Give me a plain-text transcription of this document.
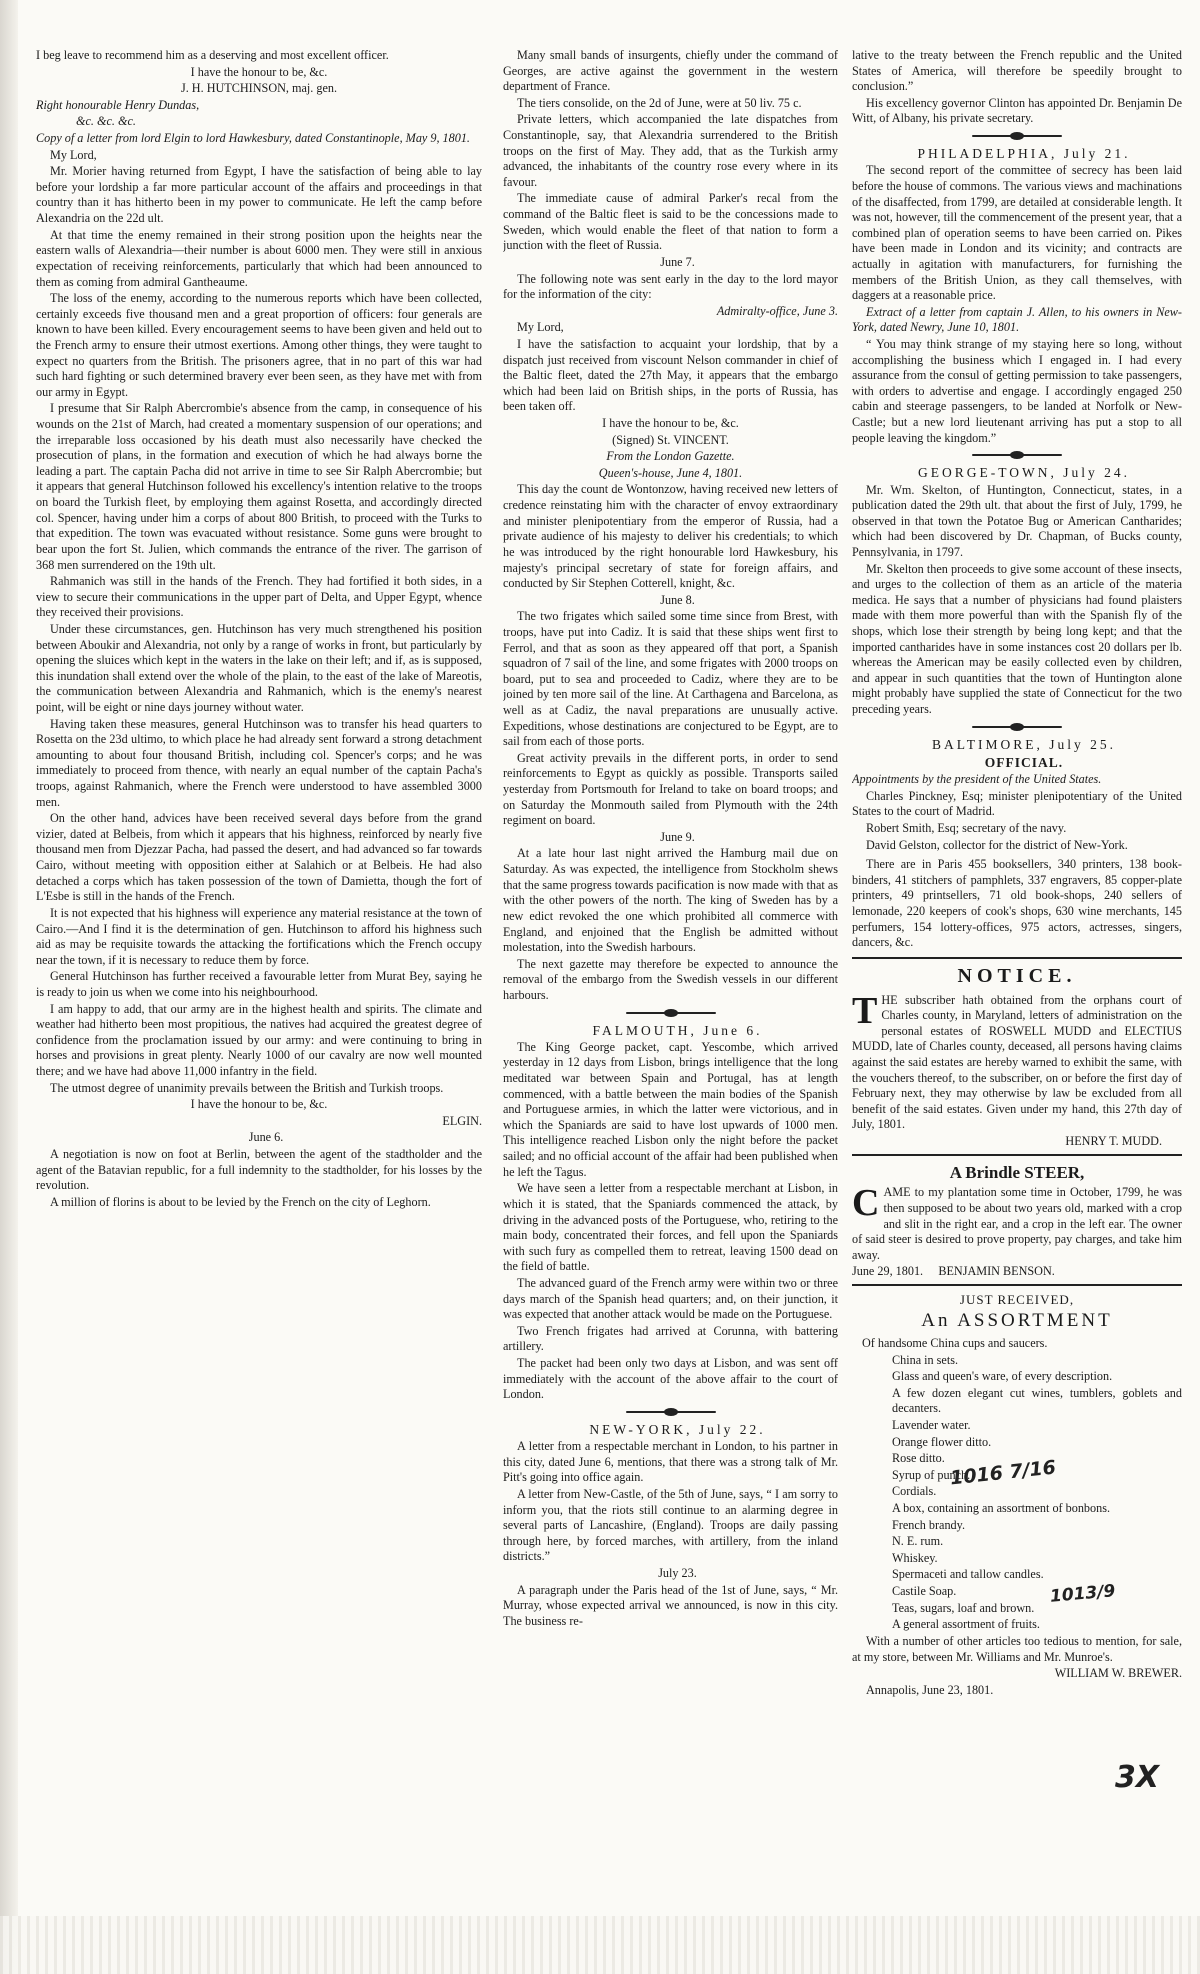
I beg leave to recommend him as a deserving and most excellent officer.

I have the honour to be, &c.

J. H. HUTCHINSON, maj. gen.

Right honourable Henry Dundas,

&c. &c. &c.

Copy of a letter from lord Elgin to lord Hawkesbury, dated Constantinople, May 9, 1801.

My Lord,

Mr. Morier having returned from Egypt, I have the satisfaction of being able to lay before your lordship a far more particular account of the affairs and proceedings in that country than it has hitherto been in my power to communicate. He left the camp before Alexandria on the 22d ult.

At that time the enemy remained in their strong position upon the heights near the eastern walls of Alexandria—their number is about 6000 men. They were still in anxious expectation of receiving reinforcements, particularly that which had been announced to them as coming from admiral Gantheaume.

The loss of the enemy, according to the numerous reports which have been collected, certainly exceeds five thousand men and a great proportion of officers: four generals are known to have been killed. Every encouragement seems to have been given and held out to the French army to ensure their utmost exertions. Among other things, they were taught to expect no quarters from the British. The prisoners agree, that in no part of this war had such hard fighting or such determined bravery ever been seen, as they have met with from our army in Egypt.

I presume that Sir Ralph Abercrombie's absence from the camp, in consequence of his wounds on the 21st of March, had created a momentary suspension of our operations; and the irreparable loss occasioned by his death must also necessarily have checked the prosecution of plans, in the formation and execution of which he had always borne the leading a part. The captain Pacha did not arrive in time to see Sir Ralph Abercrombie; but it appears that general Hutchinson followed his excellency's intention relative to the troops on board the Turkish fleet, by employing them against Rosetta, and accordingly directed col. Spencer, having under him a corps of about 800 British, to proceed with the Turks to that expedition. The town was evacuated without resistance. Some guns were brought to bear upon the fort St. Julien, which commands the entrance of the river. The garrison of 368 men surrendered on the 19th ult.

Rahmanich was still in the hands of the French. They had fortified it both sides, in a view to secure their communications in the upper part of Delta, and Upper Egypt, whence they received their provisions.

Under these circumstances, gen. Hutchinson has very much strengthened his position between Aboukir and Alexandria, not only by a range of works in front, but particularly by opening the sluices which kept in the waters in the lake on their left; and if, as is supposed, this inundation shall extend over the whole of the plain, to the east of the lake of Mareotis, the communication between Alexandria and Rahmanich, which is the enemy's nearest point, will be eight or nine days journey without water.

Having taken these measures, general Hutchinson was to transfer his head quarters to Rosetta on the 23d ultimo, to which place he had already sent forward a strong detachment amounting to about four thousand British, including col. Spencer's corps; and he was immediately to proceed from thence, with nearly an equal number of the captain Pacha's troops, against Rahmanich, where the French were understood to have assembled 3000 men.

On the other hand, advices have been received several days before from the grand vizier, dated at Belbeis, from which it appears that his highness, reinforced by nearly five thousand men from Djezzar Pacha, had passed the desert, and had advanced so far towards Cairo, without meeting with opposition either at Salahich or at Belbeis. He had also detached a corps which has taken possession of the town of Damietta, though the fort of L'Esbe is still in the hands of the French.

It is not expected that his highness will experience any material resistance at the town of Cairo.—And I find it is the determination of gen. Hutchinson to afford his highness such aid as may be requisite towards the attacking the fortifications which the French occupy near the town, if it is necessary to reduce them by force.

General Hutchinson has further received a favourable letter from Murat Bey, saying he is ready to join us when we come into his neighbourhood.

I am happy to add, that our army are in the highest health and spirits. The climate and weather had hitherto been most propitious, the natives had acquired the greatest degree of confidence from the proclamation issued by our army: and were continuing to bring in horses and provisions in great plenty. Nearly 1000 of our cavalry are now well mounted there; and we have had above 11,000 infantry in the field.

The utmost degree of unanimity prevails between the British and Turkish troops.

I have the honour to be, &c.

ELGIN.

June 6.

A negotiation is now on foot at Berlin, between the agent of the stadtholder and the agent of the Batavian republic, for a full indemnity to the stadtholder, for his losses by the revolution.

A million of florins is about to be levied by the French on the city of Leghorn.

Many small bands of insurgents, chiefly under the command of Georges, are active against the government in the western department of France.

The tiers consolide, on the 2d of June, were at 50 liv. 75 c.

Private letters, which accompanied the late dispatches from Constantinople, say, that Alexandria surrendered to the British troops on the first of May. They add, that as the Turkish army advanced, the inhabitants of the country rose every where in its favour.

The immediate cause of admiral Parker's recal from the command of the Baltic fleet is said to be the concessions made to Sweden, which would enable the fleet of that nation to form a junction with the fleet of Russia.

June 7.

The following note was sent early in the day to the lord mayor for the information of the city:

Admiralty-office, June 3.

My Lord,

I have the satisfaction to acquaint your lordship, that by a dispatch just received from viscount Nelson commander in chief of the Baltic fleet, dated the 27th May, it appears that the embargo which had been laid on British ships, in the ports of Russia, has been taken off.

I have the honour to be, &c.

(Signed) St. VINCENT.

From the London Gazette.

Queen's-house, June 4, 1801.

This day the count de Wontonzow, having received new letters of credence reinstating him with the character of envoy extraordinary and minister plenipotentiary from the emperor of Russia, had a private audience of his majesty to deliver his credentials; to which he was introduced by the right honourable lord Hawkesbury, his majesty's principal secretary of state for foreign affairs, and conducted by Sir Stephen Cotterell, knight, &c.

June 8.

The two frigates which sailed some time since from Brest, with troops, have put into Cadiz. It is said that these ships went first to Ferrol, and that as soon as they appeared off that port, a Spanish squadron of 7 sail of the line, and some frigates with 2000 troops on board, put to sea and proceeded to Cadiz, where they are to be joined by ten more sail of the line. At Carthagena and Barcelona, as well as at Cadiz, the naval preparations are unusually active. Expeditions, whose destinations are conjectured to be Egypt, are to sail from each of those ports.

Great activity prevails in the different ports, in order to send reinforcements to Egypt as quickly as possible. Transports sailed yesterday from Portsmouth for Ireland to take on board troops; and on Saturday the Monmouth sailed from Plymouth with the 24th regiment on board.

June 9.

At a late hour last night arrived the Hamburg mail due on Saturday. As was expected, the intelligence from Stockholm shews that the same progress towards pacification is now made with that as with the other powers of the north. The king of Sweden has by a new edict revoked the one which prohibited all commerce with England, and enjoined that the English be admitted without molestation, into the Swedish harbours.

The next gazette may therefore be expected to announce the removal of the embargo from the Swedish vessels in our different harbours.

FALMOUTH, June 6.

The King George packet, capt. Yescombe, which arrived yesterday in 12 days from Lisbon, brings intelligence that the long meditated war between Spain and Portugal, has at length commenced, with a battle between the main bodies of the Spanish and Portuguese armies, in which the latter were victorious, and in which the Spaniards are said to have lost upwards of 1000 men. This intelligence reached Lisbon only the night before the packet sailed; and no official account of the affair had been published when he left the Tagus.

We have seen a letter from a respectable merchant at Lisbon, in which it is stated, that the Spaniards commenced the attack, by driving in the advanced posts of the Portuguese, who, retiring to the main body, concentrated their forces, and fell upon the Spaniards with such fury as compelled them to retreat, leaving 1500 dead on the field of battle.

The advanced guard of the French army were within two or three days march of the Spanish head quarters; and, on their junction, it was expected that another attack would be made on the Portuguese.

Two French frigates had arrived at Corunna, with battering artillery.

The packet had been only two days at Lisbon, and was sent off immediately with the account of the above affair to the court of London.

NEW-YORK, July 22.

A letter from a respectable merchant in London, to his partner in this city, dated June 6, mentions, that there was a strong talk of Mr. Pitt's going into office again.

A letter from New-Castle, of the 5th of June, says, “ I am sorry to inform you, that the riots still continue to an alarming degree in several parts of Lancashire, (England). Troops are daily passing through here, by forced marches, with artillery, from the inland districts.”

July 23.

A paragraph under the Paris head of the 1st of June, says, “ Mr. Murray, whose expected arrival we announced, is now in this city. The business re-

lative to the treaty between the French republic and the United States of America, will therefore be speedily brought to conclusion.”

His excellency governor Clinton has appointed Dr. Benjamin De Witt, of Albany, his private secretary.

PHILADELPHIA, July 21.

The second report of the committee of secrecy has been laid before the house of commons. The various views and machinations of the disaffected, from 1799, are detailed at considerable length. It was not, however, till the commencement of the present year, that a combined plan of operation seems to have been carried on. Pikes have been made in London and its vicinity; and contracts are actually in agitation with manufacturers, for furnishing the members of the British Union, as they call themselves, with daggers at a reasonable price.

Extract of a letter from captain J. Allen, to his owners in New-York, dated Newry, June 10, 1801.

“ You may think strange of my staying here so long, without accomplishing the business which I engaged in. I had every assurance from the consul of getting permission to take passengers, with orders to advertise and engage. I accordingly engaged 250 cabin and steerage passengers, to be landed at Norfolk or New-Castle; but a new lord lieutenant arriving has put a stop to all people leaving the kingdom.”

GEORGE-TOWN, July 24.

Mr. Wm. Skelton, of Huntington, Connecticut, states, in a publication dated the 29th ult. that about the first of July, 1799, he observed in that town the Potatoe Bug or American Cantharides; which had been discovered by Dr. Chapman, of Bucks county, Pennsylvania, in 1797.

Mr. Skelton then proceeds to give some account of these insects, and urges to the collection of them as an article of the materia medica. He says that a number of physicians had found plaisters made with them more powerful than with the Spanish fly of the shops, which lose their strength by being long kept; and that the imported cantharides have in some instances cost 20 dollars per lb. whereas the American may be easily collected even by children, and appear in such quantities that the town of Huntington alone might probably have supplied the state of Connecticut for the two preceding years.

BALTIMORE, July 25.

OFFICIAL.

Appointments by the president of the United States.

Charles Pinckney, Esq; minister plenipotentiary of the United States to the court of Madrid.

Robert Smith, Esq; secretary of the navy.

David Gelston, collector for the district of New-York.

There are in Paris 455 booksellers, 340 printers, 138 book-binders, 41 stitchers of pamphlets, 337 engravers, 85 copper-plate printers, 49 printsellers, 71 old book-shops, 240 sellers of lemonade, 220 keepers of cook's shops, 630 wine merchants, 145 perfumers, 154 lottery-offices, 975 actors, actresses, singers, dancers, &c.

NOTICE.

THE subscriber hath obtained from the orphans court of Charles county, in Maryland, letters of administration on the personal estates of ROSWELL MUDD and ELECTIUS MUDD, late of Charles county, deceased, all persons having claims against the said estates are hereby warned to exhibit the same, with the vouchers thereof, to the subscriber, on or before the first day of February next, they may otherwise by law be excluded from all benefit of the said estates. Given under my hand, this 27th day of July, 1801.

HENRY T. MUDD.

A Brindle STEER,

CAME to my plantation some time in October, 1799, he was then supposed to be about two years old, marked with a crop and slit in the right ear, and a crop in the left ear. The owner of said steer is desired to prove property, pay charges, and take him away.

June 29, 1801. BENJAMIN BENSON.

JUST RECEIVED,
An ASSORTMENT

Of handsome China cups and saucers.

China in sets.

Glass and queen's ware, of every description.

A few dozen elegant cut wines, tumblers, goblets and decanters.

Lavender water.

Orange flower ditto.

Rose ditto.

Syrup of punch.

Cordials.

A box, containing an assortment of bonbons.

French brandy.

N. E. rum.

Whiskey.

Spermaceti and tallow candles.

Castile Soap.

Teas, sugars, loaf and brown.

A general assortment of fruits.

With a number of other articles too tedious to mention, for sale, at my store, between Mr. Williams and Mr. Munroe's.

WILLIAM W. BREWER.

Annapolis, June 23, 1801.

1016 7/16
1013/9
3X
